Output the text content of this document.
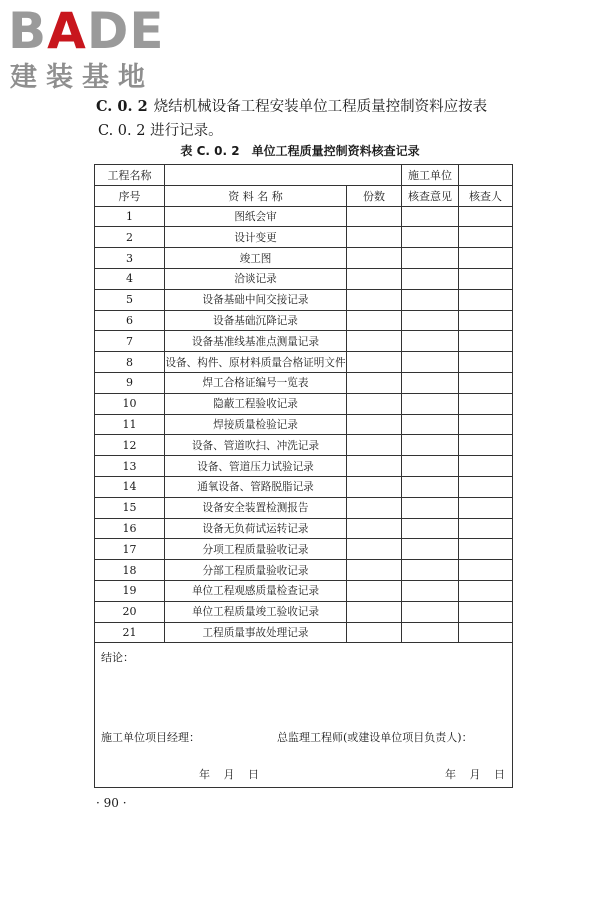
BADE
建装基地
C. 0. 2 烧结机械设备工程安装单位工程质量控制资料应按表
C. 0. 2 进行记录。
表 C. 0. 2　单位工程质量控制资料核查记录
工程名称			施工单位	
序号	资 料 名 称	份数	核查意见	核查人
1	图纸会审			
2	设计变更			
3	竣工图			
4	洽谈记录			
5	设备基础中间交接记录			
6	设备基础沉降记录			
7	设备基准线基准点测量记录			
8	设备、构件、原材料质量合格证明文件			
9	焊工合格证编号一览表			
10	隐蔽工程验收记录			
11	焊接质量检验记录			
12	设备、管道吹扫、冲洗记录			
13	设备、管道压力试验记录			
14	通氧设备、管路脱脂记录			
15	设备安全装置检测报告			
16	设备无负荷试运转记录			
17	分项工程质量验收记录			
18	分部工程质量验收记录			
19	单位工程观感质量检查记录			
20	单位工程质量竣工验收记录			
21	工程质量事故处理记录			
结论：
施工单位项目经理：	总监理工程师(或建设单位项目负责人)：
年 月 日	年 月 日
· 90 ·
